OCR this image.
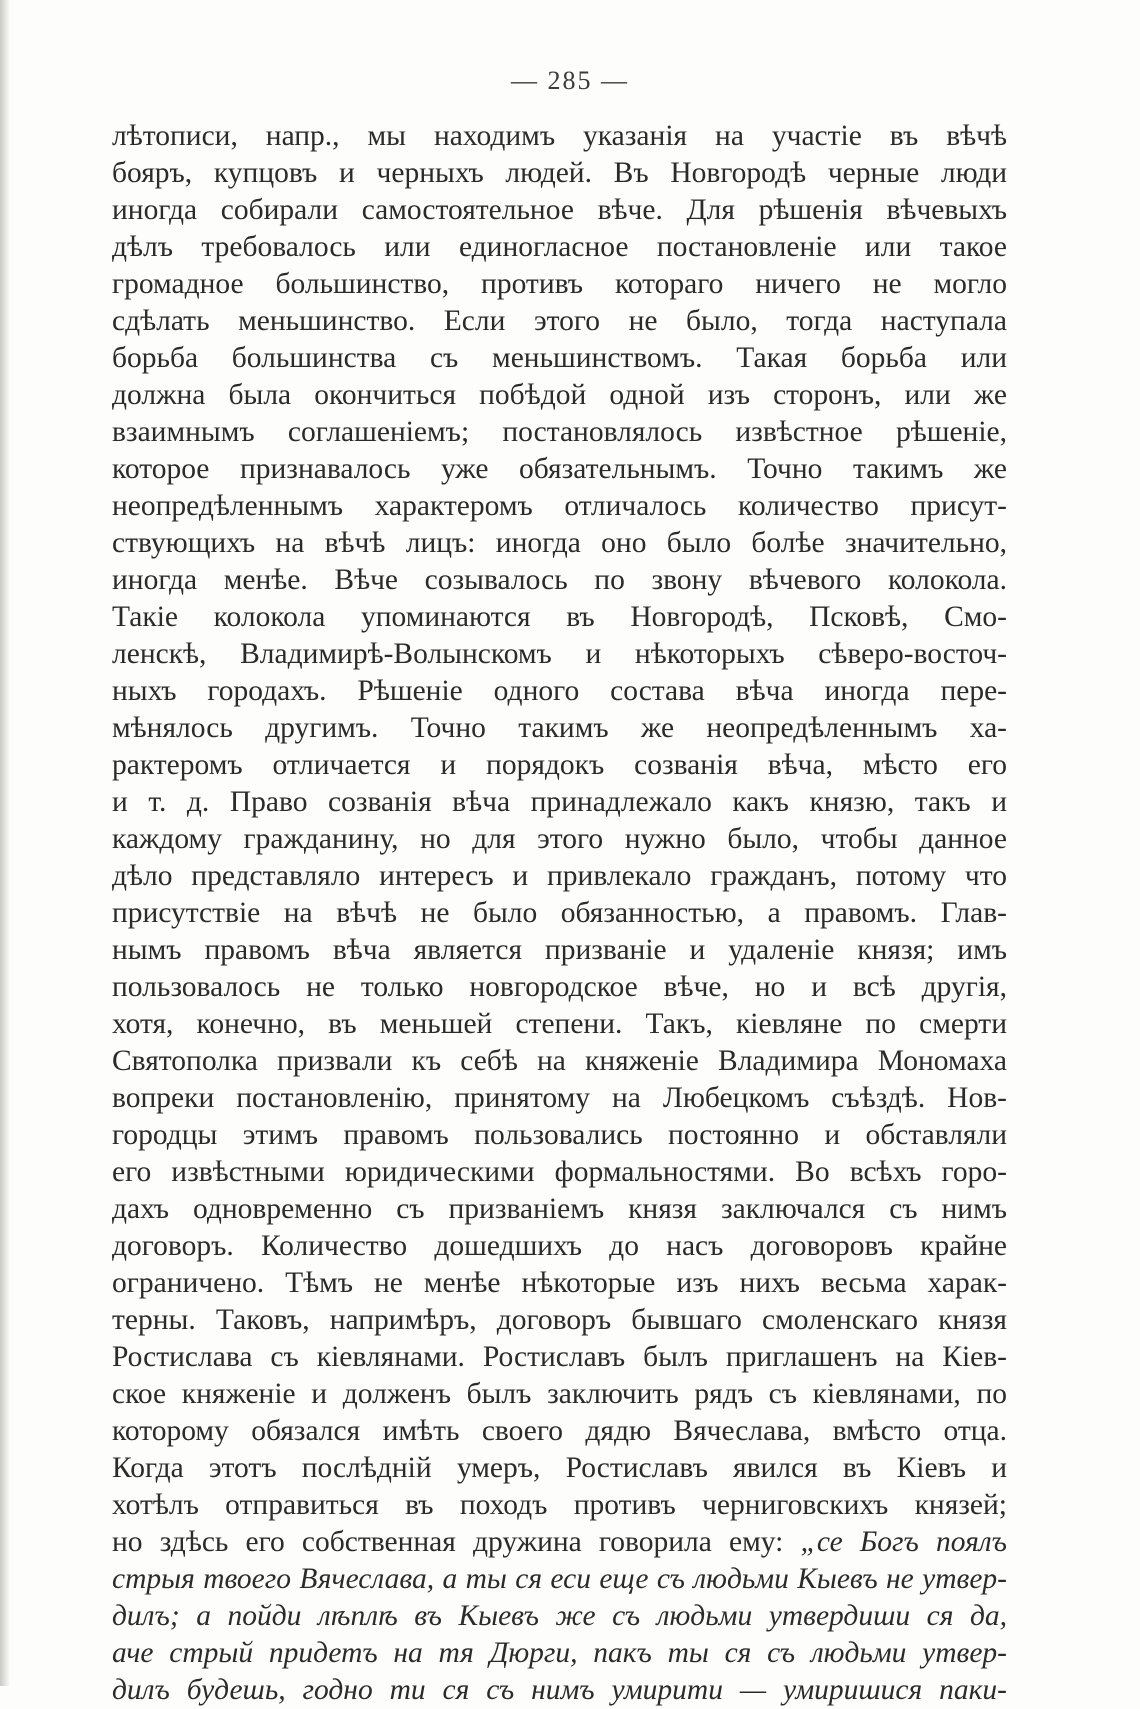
— 285 —
лѣтописи, напр., мы находимъ указанія на участіе въ вѣчѣ
бояръ, купцовъ и черныхъ людей. Въ Новгородѣ черные люди
иногда собирали самостоятельное вѣче. Для рѣшенія вѣчевыхъ
дѣлъ требовалось или единогласное постановленіе или такое
громадное большинство, противъ котораго ничего не могло
сдѣлать меньшинство. Если этого не было, тогда наступала
борьба большинства съ меньшинствомъ. Такая борьба или
должна была окончиться побѣдой одной изъ сторонъ, или же
взаимнымъ соглашеніемъ; постановлялось извѣстное рѣшеніе,
которое признавалось уже обязательнымъ. Точно такимъ же
неопредѣленнымъ характеромъ отличалось количество присут-
ствующихъ на вѣчѣ лицъ: иногда оно было болѣе значительно,
иногда менѣе. Вѣче созывалось по звону вѣчевого колокола.
Такіе колокола упоминаются въ Новгородѣ, Псковѣ, Смо-
ленскѣ, Владимирѣ-Волынскомъ и нѣкоторыхъ сѣверо-восточ-
ныхъ городахъ. Рѣшеніе одного состава вѣча иногда пере-
мѣнялось другимъ. Точно такимъ же неопредѣленнымъ ха-
рактеромъ отличается и порядокъ созванія вѣча, мѣсто его
и т. д. Право созванія вѣча принадлежало какъ князю, такъ и
каждому гражданину, но для этого нужно было, чтобы данное
дѣло представляло интересъ и привлекало гражданъ, потому что
присутствіе на вѣчѣ не было обязанностью, а правомъ. Глав-
нымъ правомъ вѣча является призваніе и удаленіе князя; имъ
пользовалось не только новгородское вѣче, но и всѣ другія,
хотя, конечно, въ меньшей степени. Такъ, кіевляне по смерти
Святополка призвали къ себѣ на княженіе Владимира Мономаха
вопреки постановленію, принятому на Любецкомъ съѣздѣ. Нов-
городцы этимъ правомъ пользовались постоянно и обставляли
его извѣстными юридическими формальностями. Во всѣхъ горо-
дахъ одновременно съ призваніемъ князя заключался съ нимъ
договоръ. Количество дошедшихъ до насъ договоровъ крайне
ограничено. Тѣмъ не менѣе нѣкоторые изъ нихъ весьма харак-
терны. Таковъ, напримѣръ, договоръ бывшаго смоленскаго князя
Ростислава съ кіевлянами. Ростиславъ былъ приглашенъ на Кіев-
ское княженіе и долженъ былъ заключить рядъ съ кіевлянами, по
которому обязался имѣть своего дядю Вячеслава, вмѣсто отца.
Когда этотъ послѣдній умеръ, Ростиславъ явился въ Кіевъ и
хотѣлъ отправиться въ походъ противъ черниговскихъ князей;
но здѣсь его собственная дружина говорила ему: „се Богъ поялъ
стрыя твоего Вячеслава, а ты ся еси еще съ людьми Кыевъ не утвер-
дилъ; а пойди лѣплѣ въ Кыевъ же съ людьми утвердиши ся да,
аче стрый придетъ на тя Дюрги, пакъ ты ся съ людьми утвер-
дилъ будешь, годно ти ся съ нимъ умирити — умиришися паки-
